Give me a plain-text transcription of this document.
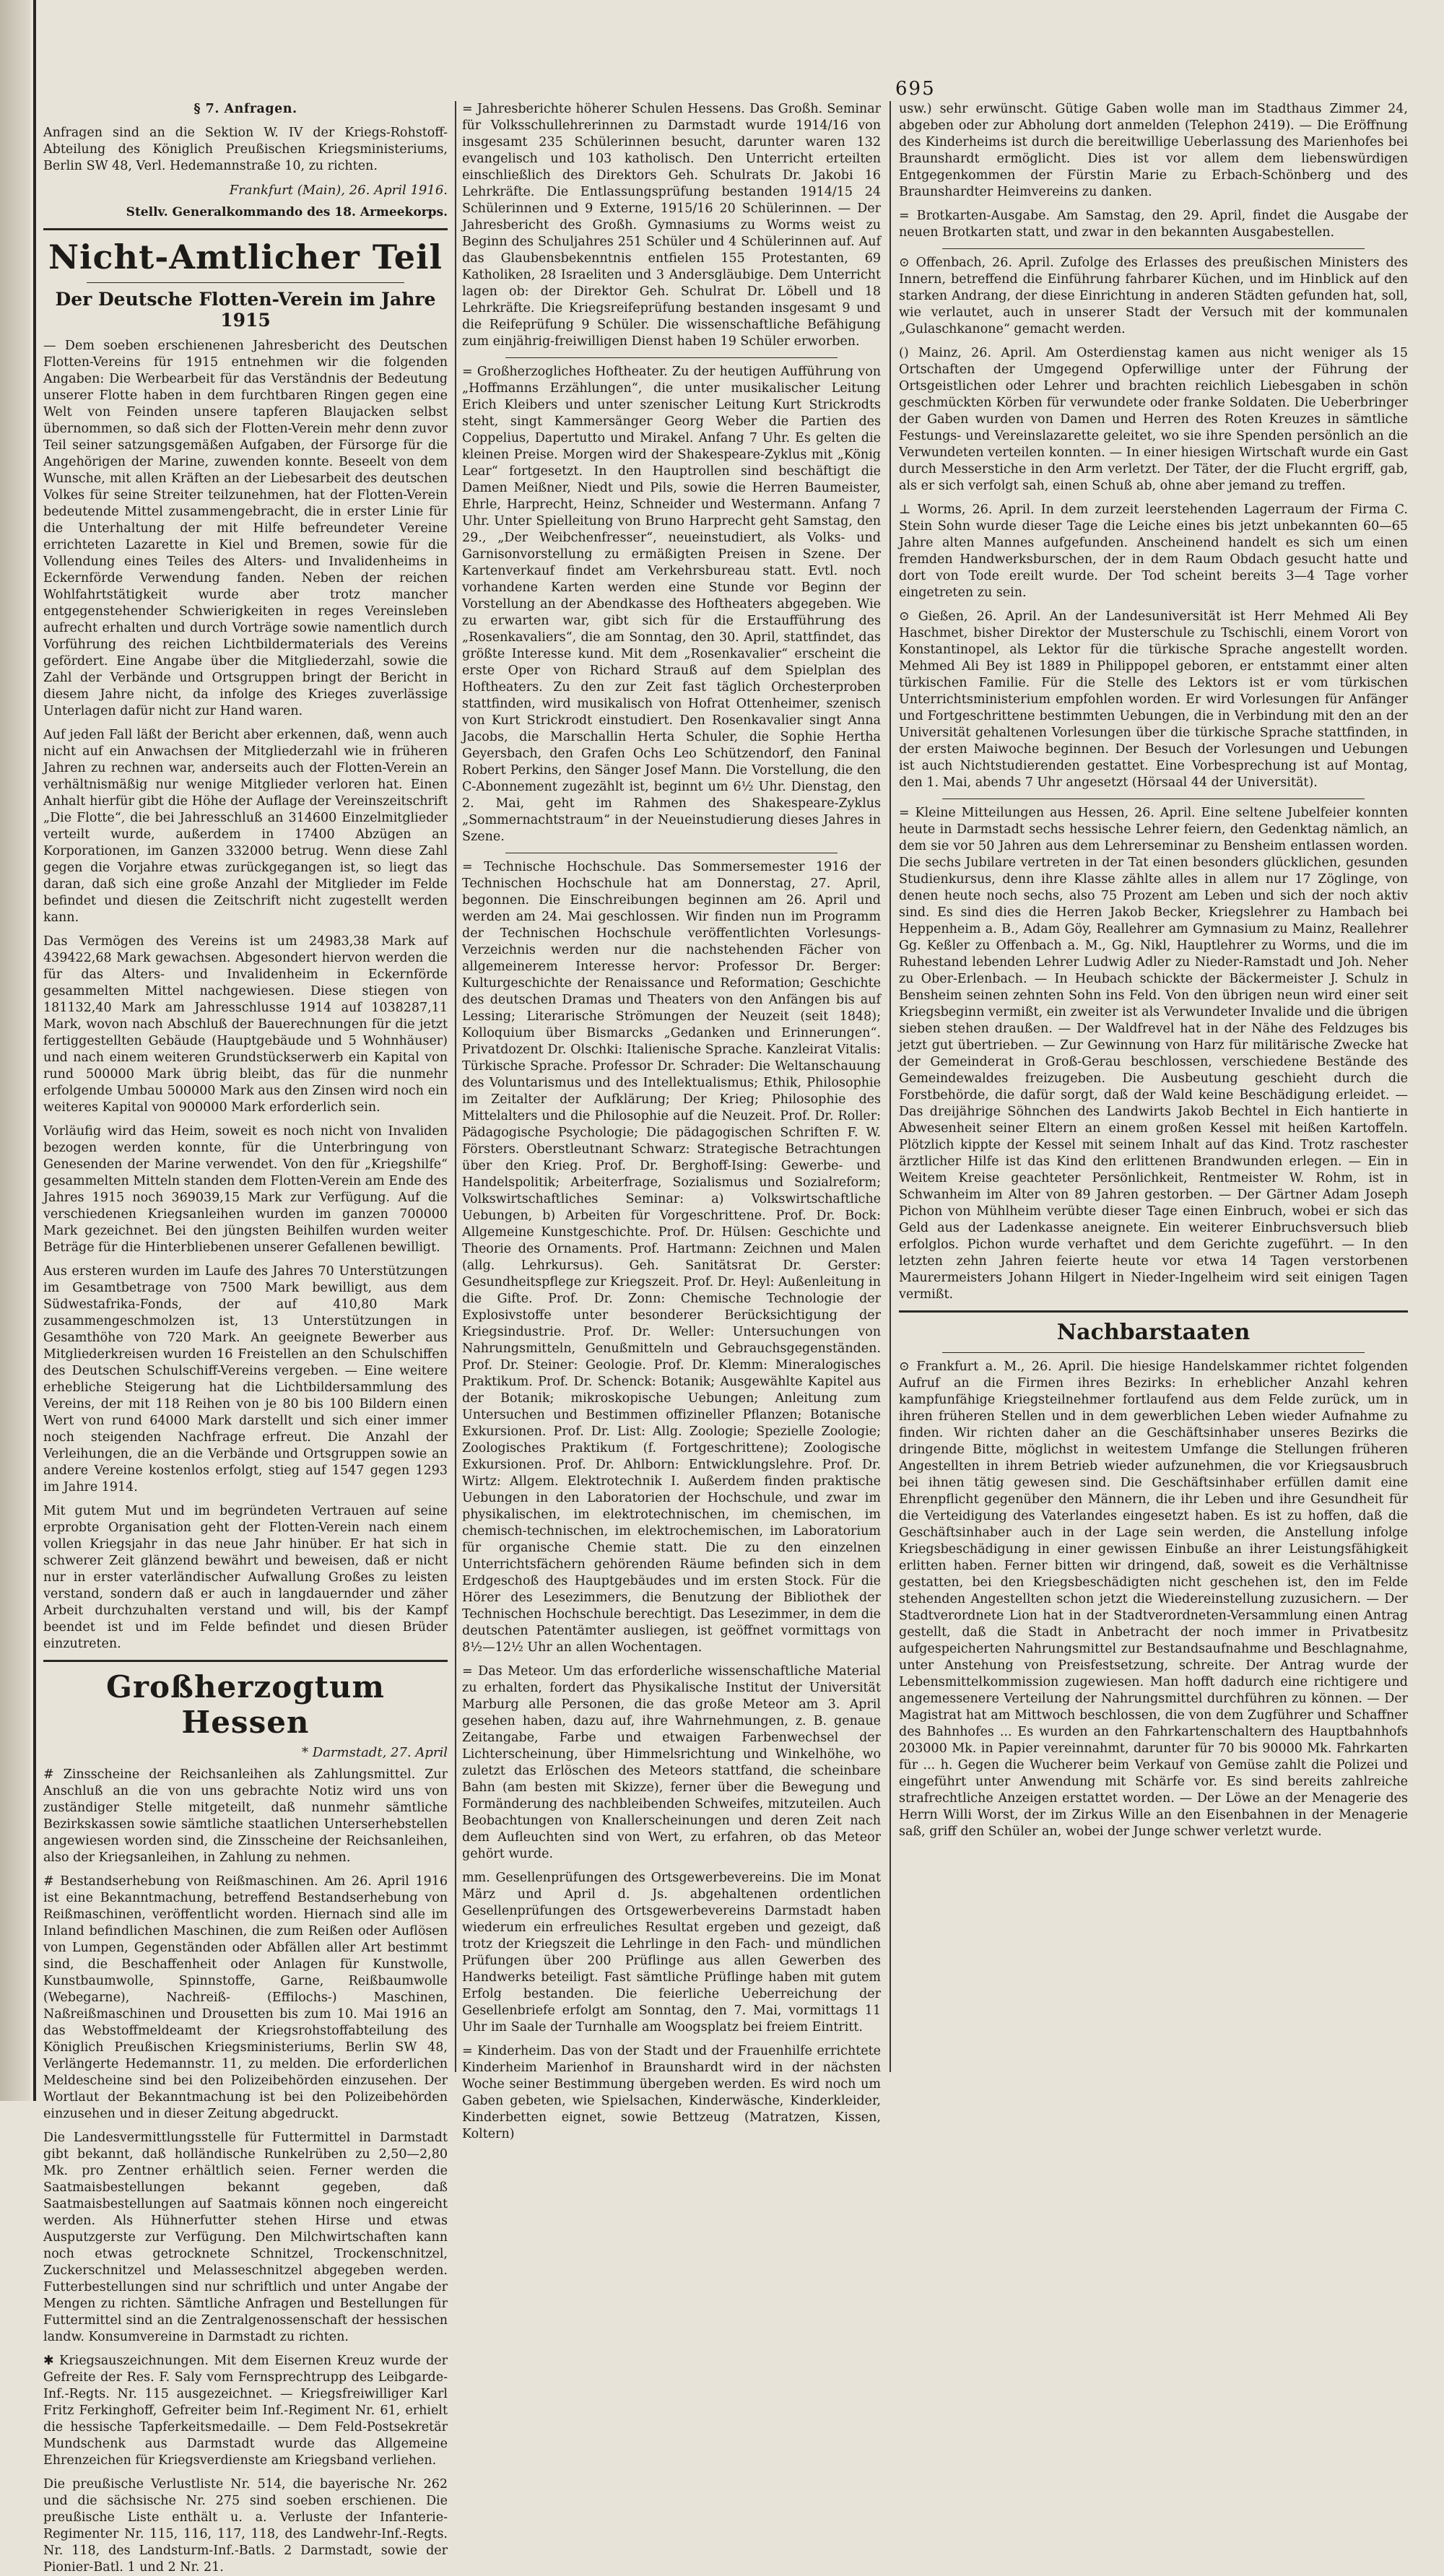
695

§ 7. Anfragen.

Anfragen sind an die Sektion W. IV der Kriegs-Rohstoff-Abteilung des Königlich Preußischen Kriegsministeriums, Berlin SW 48, Verl. Hedemannstraße 10, zu richten.

Frankfurt (Main), 26. April 1916.

Stellv. Generalkommando des 18. Armeekorps.

Nicht-Amtlicher Teil
Der Deutsche Flotten-Verein im Jahre 1915

— Dem soeben erschienenen Jahresbericht des Deutschen Flotten-Vereins für 1915 entnehmen wir die folgenden Angaben: Die Werbearbeit für das Verständnis der Bedeutung unserer Flotte haben in dem furchtbaren Ringen gegen eine Welt von Feinden unsere tapferen Blaujacken selbst übernommen, so daß sich der Flotten-Verein mehr denn zuvor Teil seiner satzungsgemäßen Aufgaben, der Fürsorge für die Angehörigen der Marine, zuwenden konnte. Beseelt von dem Wunsche, mit allen Kräften an der Liebesarbeit des deutschen Volkes für seine Streiter teilzunehmen, hat der Flotten-Verein bedeutende Mittel zusammengebracht, die in erster Linie für die Unterhaltung der mit Hilfe befreundeter Vereine errichteten Lazarette in Kiel und Bremen, sowie für die Vollendung eines Teiles des Alters- und Invalidenheims in Eckernförde Verwendung fanden. Neben der reichen Wohlfahrtstätigkeit wurde aber trotz mancher entgegenstehender Schwierigkeiten in reges Vereinsleben aufrecht erhalten und durch Vorträge sowie namentlich durch Vorführung des reichen Lichtbildermaterials des Vereins gefördert. Eine Angabe über die Mitgliederzahl, sowie die Zahl der Verbände und Ortsgruppen bringt der Bericht in diesem Jahre nicht, da infolge des Krieges zuverlässige Unterlagen dafür nicht zur Hand waren.

Auf jeden Fall läßt der Bericht aber erkennen, daß, wenn auch nicht auf ein Anwachsen der Mitgliederzahl wie in früheren Jahren zu rechnen war, anderseits auch der Flotten-Verein an verhältnismäßig nur wenige Mitglieder verloren hat. Einen Anhalt hierfür gibt die Höhe der Auflage der Vereinszeitschrift „Die Flotte“, die bei Jahresschluß an 314600 Einzelmitglieder verteilt wurde, außerdem in 17400 Abzügen an Korporationen, im Ganzen 332000 betrug. Wenn diese Zahl gegen die Vorjahre etwas zurückgegangen ist, so liegt das daran, daß sich eine große Anzahl der Mitglieder im Felde befindet und diesen die Zeitschrift nicht zugestellt werden kann.

Das Vermögen des Vereins ist um 24983,38 Mark auf 439422,68 Mark gewachsen. Abgesondert hiervon werden die für das Alters- und Invalidenheim in Eckernförde gesammelten Mittel nachgewiesen. Diese stiegen von 181132,40 Mark am Jahresschlusse 1914 auf 1038287,11 Mark, wovon nach Abschluß der Bauerechnungen für die jetzt fertiggestellten Gebäude (Hauptgebäude und 5 Wohnhäuser) und nach einem weiteren Grundstückserwerb ein Kapital von rund 500000 Mark übrig bleibt, das für die nunmehr erfolgende Umbau 500000 Mark aus den Zinsen wird noch ein weiteres Kapital von 900000 Mark erforderlich sein.

Vorläufig wird das Heim, soweit es noch nicht von Invaliden bezogen werden konnte, für die Unterbringung von Genesenden der Marine verwendet. Von den für „Kriegshilfe“ gesammelten Mitteln standen dem Flotten-Verein am Ende des Jahres 1915 noch 369039,15 Mark zur Verfügung. Auf die verschiedenen Kriegsanleihen wurden im ganzen 700000 Mark gezeichnet. Bei den jüngsten Beihilfen wurden weiter Beträge für die Hinterbliebenen unserer Gefallenen bewilligt.

Aus ersteren wurden im Laufe des Jahres 70 Unterstützungen im Gesamtbetrage von 7500 Mark bewilligt, aus dem Südwestafrika-Fonds, der auf 410,80 Mark zusammengeschmolzen ist, 13 Unterstützungen in Gesamthöhe von 720 Mark. An geeignete Bewerber aus Mitgliederkreisen wurden 16 Freistellen an den Schulschiffen des Deutschen Schulschiff-Vereins vergeben. — Eine weitere erhebliche Steigerung hat die Lichtbildersammlung des Vereins, der mit 118 Reihen von je 80 bis 100 Bildern einen Wert von rund 64000 Mark darstellt und sich einer immer noch steigenden Nachfrage erfreut. Die Anzahl der Verleihungen, die an die Verbände und Ortsgruppen sowie an andere Vereine kostenlos erfolgt, stieg auf 1547 gegen 1293 im Jahre 1914.

Mit gutem Mut und im begründeten Vertrauen auf seine erprobte Organisation geht der Flotten-Verein nach einem vollen Kriegsjahr in das neue Jahr hinüber. Er hat sich in schwerer Zeit glänzend bewährt und beweisen, daß er nicht nur in erster vaterländischer Aufwallung Großes zu leisten verstand, sondern daß er auch in langdauernder und zäher Arbeit durchzuhalten verstand und will, bis der Kampf beendet ist und im Felde befindet und diesen Brüder einzutreten.

Großherzogtum Hessen

* Darmstadt, 27. April

# Zinsscheine der Reichsanleihen als Zahlungsmittel. Zur Anschluß an die von uns gebrachte Notiz wird uns von zuständiger Stelle mitgeteilt, daß nunmehr sämtliche Bezirkskassen sowie sämtliche staatlichen Unterserhebstellen angewiesen worden sind, die Zinsscheine der Reichsanleihen, also der Kriegsanleihen, in Zahlung zu nehmen.

# Bestandserhebung von Reißmaschinen. Am 26. April 1916 ist eine Bekanntmachung, betreffend Bestandserhebung von Reißmaschinen, veröffentlicht worden. Hiernach sind alle im Inland befindlichen Maschinen, die zum Reißen oder Auflösen von Lumpen, Gegenständen oder Abfällen aller Art bestimmt sind, die Beschaffenheit oder Anlagen für Kunstwolle, Kunstbaumwolle, Spinnstoffe, Garne, Reißbaumwolle (Webegarne), Nachreiß- (Effilochs-) Maschinen, Naßreißmaschinen und Drousetten bis zum 10. Mai 1916 an das Webstoffmeldeamt der Kriegsrohstoffabteilung des Königlich Preußischen Kriegsministeriums, Berlin SW 48, Verlängerte Hedemannstr. 11, zu melden. Die erforderlichen Meldescheine sind bei den Polizeibehörden einzusehen. Der Wortlaut der Bekanntmachung ist bei den Polizeibehörden einzusehen und in dieser Zeitung abgedruckt.

Die Landesvermittlungsstelle für Futtermittel in Darmstadt gibt bekannt, daß holländische Runkelrüben zu 2,50—2,80 Mk. pro Zentner erhältlich seien. Ferner werden die Saatmaisbestellungen bekannt gegeben, daß Saatmaisbestellungen auf Saatmais können noch eingereicht werden. Als Hühnerfutter stehen Hirse und etwas Ausputzgerste zur Verfügung. Den Milchwirtschaften kann noch etwas getrocknete Schnitzel, Trockenschnitzel, Zuckerschnitzel und Melasseschnitzel abgegeben werden. Futterbestellungen sind nur schriftlich und unter Angabe der Mengen zu richten. Sämtliche Anfragen und Bestellungen für Futtermittel sind an die Zentralgenossenschaft der hessischen landw. Konsumvereine in Darmstadt zu richten.

✱ Kriegsauszeichnungen. Mit dem Eisernen Kreuz wurde der Gefreite der Res. F. Saly vom Fernsprechtrupp des Leibgarde-Inf.-Regts. Nr. 115 ausgezeichnet. — Kriegsfreiwilliger Karl Fritz Ferkinghoff, Gefreiter beim Inf.-Regiment Nr. 61, erhielt die hessische Tapferkeitsmedaille. — Dem Feld-Postsekretär Mundschenk aus Darmstadt wurde das Allgemeine Ehrenzeichen für Kriegsverdienste am Kriegsband verliehen.

Die preußische Verlustliste Nr. 514, die bayerische Nr. 262 und die sächsische Nr. 275 sind soeben erschienen. Die preußische Liste enthält u. a. Verluste der Infanterie-Regimenter Nr. 115, 116, 117, 118, des Landwehr-Inf.-Regts. Nr. 118, des Landsturm-Inf.-Batls. 2 Darmstadt, sowie der Pionier-Batl. 1 und 2 Nr. 21.

= Jahresberichte höherer Schulen Hessens. Das Großh. Seminar für Volksschullehrerinnen zu Darmstadt wurde 1914/16 von insgesamt 235 Schülerinnen besucht, darunter waren 132 evangelisch und 103 katholisch. Den Unterricht erteilten einschließlich des Direktors Geh. Schulrats Dr. Jakobi 16 Lehrkräfte. Die Entlassungsprüfung bestanden 1914/15 24 Schülerinnen und 9 Externe, 1915/16 20 Schülerinnen. — Der Jahresbericht des Großh. Gymnasiums zu Worms weist zu Beginn des Schuljahres 251 Schüler und 4 Schülerinnen auf. Auf das Glaubensbekenntnis entfielen 155 Protestanten, 69 Katholiken, 28 Israeliten und 3 Andersgläubige. Dem Unterricht lagen ob: der Direktor Geh. Schulrat Dr. Löbell und 18 Lehrkräfte. Die Kriegsreifeprüfung bestanden insgesamt 9 und die Reifeprüfung 9 Schüler. Die wissenschaftliche Befähigung zum einjährig-freiwilligen Dienst haben 19 Schüler erworben.

= Großherzogliches Hoftheater. Zu der heutigen Aufführung von „Hoffmanns Erzählungen“, die unter musikalischer Leitung Erich Kleibers und unter szenischer Leitung Kurt Strickrodts steht, singt Kammersänger Georg Weber die Partien des Coppelius, Dapertutto und Mirakel. Anfang 7 Uhr. Es gelten die kleinen Preise. Morgen wird der Shakespeare-Zyklus mit „König Lear“ fortgesetzt. In den Hauptrollen sind beschäftigt die Damen Meißner, Niedt und Pils, sowie die Herren Baumeister, Ehrle, Harprecht, Heinz, Schneider und Westermann. Anfang 7 Uhr. Unter Spielleitung von Bruno Harprecht geht Samstag, den 29., „Der Weibchenfresser“, neueinstudiert, als Volks- und Garnisonvorstellung zu ermäßigten Preisen in Szene. Der Kartenverkauf findet am Verkehrsbureau statt. Evtl. noch vorhandene Karten werden eine Stunde vor Beginn der Vorstellung an der Abendkasse des Hoftheaters abgegeben. Wie zu erwarten war, gibt sich für die Erstaufführung des „Rosenkavaliers“, die am Sonntag, den 30. April, stattfindet, das größte Interesse kund. Mit dem „Rosenkavalier“ erscheint die erste Oper von Richard Strauß auf dem Spielplan des Hoftheaters. Zu den zur Zeit fast täglich Orchesterproben stattfinden, wird musikalisch von Hofrat Ottenheimer, szenisch von Kurt Strickrodt einstudiert. Den Rosenkavalier singt Anna Jacobs, die Marschallin Herta Schuler, die Sophie Hertha Geyersbach, den Grafen Ochs Leo Schützendorf, den Faninal Robert Perkins, den Sänger Josef Mann. Die Vorstellung, die den C-Abonnement zugezählt ist, beginnt um 6½ Uhr. Dienstag, den 2. Mai, geht im Rahmen des Shakespeare-Zyklus „Sommernachtstraum“ in der Neueinstudierung dieses Jahres in Szene.

= Technische Hochschule. Das Sommersemester 1916 der Technischen Hochschule hat am Donnerstag, 27. April, begonnen. Die Einschreibungen beginnen am 26. April und werden am 24. Mai geschlossen. Wir finden nun im Programm der Technischen Hochschule veröffentlichten Vorlesungs-Verzeichnis werden nur die nachstehenden Fächer von allgemeinerem Interesse hervor: Professor Dr. Berger: Kulturgeschichte der Renaissance und Reformation; Geschichte des deutschen Dramas und Theaters von den Anfängen bis auf Lessing; Literarische Strömungen der Neuzeit (seit 1848); Kolloquium über Bismarcks „Gedanken und Erinnerungen“. Privatdozent Dr. Olschki: Italienische Sprache. Kanzleirat Vitalis: Türkische Sprache. Professor Dr. Schrader: Die Weltanschauung des Voluntarismus und des Intellektualismus; Ethik, Philosophie im Zeitalter der Aufklärung; Der Krieg; Philosophie des Mittelalters und die Philosophie auf die Neuzeit. Prof. Dr. Roller: Pädagogische Psychologie; Die pädagogischen Schriften F. W. Försters. Oberstleutnant Schwarz: Strategische Betrachtungen über den Krieg. Prof. Dr. Berghoff-Ising: Gewerbe- und Handelspolitik; Arbeiterfrage, Sozialismus und Sozialreform; Volkswirtschaftliches Seminar: a) Volkswirtschaftliche Uebungen, b) Arbeiten für Vorgeschrittene. Prof. Dr. Bock: Allgemeine Kunstgeschichte. Prof. Dr. Hülsen: Geschichte und Theorie des Ornaments. Prof. Hartmann: Zeichnen und Malen (allg. Lehrkursus). Geh. Sanitätsrat Dr. Gerster: Gesundheitspflege zur Kriegszeit. Prof. Dr. Heyl: Außenleitung in die Gifte. Prof. Dr. Zonn: Chemische Technologie der Explosivstoffe unter besonderer Berücksichtigung der Kriegsindustrie. Prof. Dr. Weller: Untersuchungen von Nahrungsmitteln, Genußmitteln und Gebrauchsgegenständen. Prof. Dr. Steiner: Geologie. Prof. Dr. Klemm: Mineralogisches Praktikum. Prof. Dr. Schenck: Botanik; Ausgewählte Kapitel aus der Botanik; mikroskopische Uebungen; Anleitung zum Untersuchen und Bestimmen offizineller Pflanzen; Botanische Exkursionen. Prof. Dr. List: Allg. Zoologie; Spezielle Zoologie; Zoologisches Praktikum (f. Fortgeschrittene); Zoologische Exkursionen. Prof. Dr. Ahlborn: Entwicklungslehre. Prof. Dr. Wirtz: Allgem. Elektrotechnik I. Außerdem finden praktische Uebungen in den Laboratorien der Hochschule, und zwar im physikalischen, im elektrotechnischen, im chemischen, im chemisch-technischen, im elektrochemischen, im Laboratorium für organische Chemie statt. Die zu den einzelnen Unterrichtsfächern gehörenden Räume befinden sich in dem Erdgeschoß des Hauptgebäudes und im ersten Stock. Für die Hörer des Lesezimmers, die Benutzung der Bibliothek der Technischen Hochschule berechtigt. Das Lesezimmer, in dem die deutschen Patentämter ausliegen, ist geöffnet vormittags von 8½—12½ Uhr an allen Wochentagen.

= Das Meteor. Um das erforderliche wissenschaftliche Material zu erhalten, fordert das Physikalische Institut der Universität Marburg alle Personen, die das große Meteor am 3. April gesehen haben, dazu auf, ihre Wahrnehmungen, z. B. genaue Zeitangabe, Farbe und etwaigen Farbenwechsel der Lichterscheinung, über Himmelsrichtung und Winkelhöhe, wo zuletzt das Erlöschen des Meteors stattfand, die scheinbare Bahn (am besten mit Skizze), ferner über die Bewegung und Formänderung des nachbleibenden Schweifes, mitzuteilen. Auch Beobachtungen von Knallerscheinungen und deren Zeit nach dem Aufleuchten sind von Wert, zu erfahren, ob das Meteor gehört wurde.

mm. Gesellenprüfungen des Ortsgewerbevereins. Die im Monat März und April d. Js. abgehaltenen ordentlichen Gesellenprüfungen des Ortsgewerbevereins Darmstadt haben wiederum ein erfreuliches Resultat ergeben und gezeigt, daß trotz der Kriegszeit die Lehrlinge in den Fach- und mündlichen Prüfungen über 200 Prüflinge aus allen Gewerben des Handwerks beteiligt. Fast sämtliche Prüflinge haben mit gutem Erfolg bestanden. Die feierliche Ueberreichung der Gesellenbriefe erfolgt am Sonntag, den 7. Mai, vormittags 11 Uhr im Saale der Turnhalle am Woogsplatz bei freiem Eintritt.

= Kinderheim. Das von der Stadt und der Frauenhilfe errichtete Kinderheim Marienhof in Braunshardt wird in der nächsten Woche seiner Bestimmung übergeben werden. Es wird noch um Gaben gebeten, wie Spielsachen, Kinderwäsche, Kinderkleider, Kinderbetten eignet, sowie Bettzeug (Matratzen, Kissen, Koltern)

usw.) sehr erwünscht. Gütige Gaben wolle man im Stadthaus Zimmer 24, abgeben oder zur Abholung dort anmelden (Telephon 2419). — Die Eröffnung des Kinderheims ist durch die bereitwillige Ueberlassung des Marienhofes bei Braunshardt ermöglicht. Dies ist vor allem dem liebenswürdigen Entgegenkommen der Fürstin Marie zu Erbach-Schönberg und des Braunshardter Heimvereins zu danken.

= Brotkarten-Ausgabe. Am Samstag, den 29. April, findet die Ausgabe der neuen Brotkarten statt, und zwar in den bekannten Ausgabestellen.

⊙ Offenbach, 26. April. Zufolge des Erlasses des preußischen Ministers des Innern, betreffend die Einführung fahrbarer Küchen, und im Hinblick auf den starken Andrang, der diese Einrichtung in anderen Städten gefunden hat, soll, wie verlautet, auch in unserer Stadt der Versuch mit der kommunalen „Gulaschkanone“ gemacht werden.

() Mainz, 26. April. Am Osterdienstag kamen aus nicht weniger als 15 Ortschaften der Umgegend Opferwillige unter der Führung der Ortsgeistlichen oder Lehrer und brachten reichlich Liebesgaben in schön geschmückten Körben für verwundete oder franke Soldaten. Die Ueberbringer der Gaben wurden von Damen und Herren des Roten Kreuzes in sämtliche Festungs- und Vereinslazarette geleitet, wo sie ihre Spenden persönlich an die Verwundeten verteilen konnten. — In einer hiesigen Wirtschaft wurde ein Gast durch Messerstiche in den Arm verletzt. Der Täter, der die Flucht ergriff, gab, als er sich verfolgt sah, einen Schuß ab, ohne aber jemand zu treffen.

⊥ Worms, 26. April. In dem zurzeit leerstehenden Lagerraum der Firma C. Stein Sohn wurde dieser Tage die Leiche eines bis jetzt unbekannten 60—65 Jahre alten Mannes aufgefunden. Anscheinend handelt es sich um einen fremden Handwerksburschen, der in dem Raum Obdach gesucht hatte und dort von Tode ereilt wurde. Der Tod scheint bereits 3—4 Tage vorher eingetreten zu sein.

⊙ Gießen, 26. April. An der Landesuniversität ist Herr Mehmed Ali Bey Haschmet, bisher Direktor der Musterschule zu Tschischli, einem Vorort von Konstantinopel, als Lektor für die türkische Sprache angestellt worden. Mehmed Ali Bey ist 1889 in Philippopel geboren, er entstammt einer alten türkischen Familie. Für die Stelle des Lektors ist er vom türkischen Unterrichtsministerium empfohlen worden. Er wird Vorlesungen für Anfänger und Fortgeschrittene bestimmten Uebungen, die in Verbindung mit den an der Universität gehaltenen Vorlesungen über die türkische Sprache stattfinden, in der ersten Maiwoche beginnen. Der Besuch der Vorlesungen und Uebungen ist auch Nichtstudierenden gestattet. Eine Vorbesprechung ist auf Montag, den 1. Mai, abends 7 Uhr angesetzt (Hörsaal 44 der Universität).

= Kleine Mitteilungen aus Hessen, 26. April. Eine seltene Jubelfeier konnten heute in Darmstadt sechs hessische Lehrer feiern, den Gedenktag nämlich, an dem sie vor 50 Jahren aus dem Lehrerseminar zu Bensheim entlassen worden. Die sechs Jubilare vertreten in der Tat einen besonders glücklichen, gesunden Studienkursus, denn ihre Klasse zählte alles in allem nur 17 Zöglinge, von denen heute noch sechs, also 75 Prozent am Leben und sich der noch aktiv sind. Es sind dies die Herren Jakob Becker, Kriegslehrer zu Hambach bei Heppenheim a. B., Adam Göy, Reallehrer am Gymnasium zu Mainz, Reallehrer Gg. Keßler zu Offenbach a. M., Gg. Nikl, Hauptlehrer zu Worms, und die im Ruhestand lebenden Lehrer Ludwig Adler zu Nieder-Ramstadt und Joh. Neher zu Ober-Erlenbach. — In Heubach schickte der Bäckermeister J. Schulz in Bensheim seinen zehnten Sohn ins Feld. Von den übrigen neun wird einer seit Kriegsbeginn vermißt, ein zweiter ist als Verwundeter Invalide und die übrigen sieben stehen draußen. — Der Waldfrevel hat in der Nähe des Feldzuges bis jetzt gut übertrieben. — Zur Gewinnung von Harz für militärische Zwecke hat der Gemeinderat in Groß-Gerau beschlossen, verschiedene Bestände des Gemeindewaldes freizugeben. Die Ausbeutung geschieht durch die Forstbehörde, die dafür sorgt, daß der Wald keine Beschädigung erleidet. — Das dreijährige Söhnchen des Landwirts Jakob Bechtel in Eich hantierte in Abwesenheit seiner Eltern an einem großen Kessel mit heißen Kartoffeln. Plötzlich kippte der Kessel mit seinem Inhalt auf das Kind. Trotz raschester ärztlicher Hilfe ist das Kind den erlittenen Brandwunden erlegen. — Ein in Weitem Kreise geachteter Persönlichkeit, Rentmeister W. Rohm, ist in Schwanheim im Alter von 89 Jahren gestorben. — Der Gärtner Adam Joseph Pichon von Mühlheim verübte dieser Tage einen Einbruch, wobei er sich das Geld aus der Ladenkasse aneignete. Ein weiterer Einbruchsversuch blieb erfolglos. Pichon wurde verhaftet und dem Gerichte zugeführt. — In den letzten zehn Jahren feierte heute vor etwa 14 Tagen verstorbenen Maurermeisters Johann Hilgert in Nieder-Ingelheim wird seit einigen Tagen vermißt.

Nachbarstaaten

⊙ Frankfurt a. M., 26. April. Die hiesige Handelskammer richtet folgenden Aufruf an die Firmen ihres Bezirks: In erheblicher Anzahl kehren kampfunfähige Kriegsteilnehmer fortlaufend aus dem Felde zurück, um in ihren früheren Stellen und in dem gewerblichen Leben wieder Aufnahme zu finden. Wir richten daher an die Geschäftsinhaber unseres Bezirks die dringende Bitte, möglichst in weitestem Umfange die Stellungen früheren Angestellten in ihrem Betrieb wieder aufzunehmen, die vor Kriegsausbruch bei ihnen tätig gewesen sind. Die Geschäftsinhaber erfüllen damit eine Ehrenpflicht gegenüber den Männern, die ihr Leben und ihre Gesundheit für die Verteidigung des Vaterlandes eingesetzt haben. Es ist zu hoffen, daß die Geschäftsinhaber auch in der Lage sein werden, die Anstellung infolge Kriegsbeschädigung in einer gewissen Einbuße an ihrer Leistungsfähigkeit erlitten haben. Ferner bitten wir dringend, daß, soweit es die Verhältnisse gestatten, bei den Kriegsbeschädigten nicht geschehen ist, den im Felde stehenden Angestellten schon jetzt die Wiedereinstellung zuzusichern. — Der Stadtverordnete Lion hat in der Stadtverordneten-Versammlung einen Antrag gestellt, daß die Stadt in Anbetracht der noch immer in Privatbesitz aufgespeicherten Nahrungsmittel zur Bestandsaufnahme und Beschlagnahme, unter Anstehung von Preisfestsetzung, schreite. Der Antrag wurde der Lebensmittelkommission zugewiesen. Man hofft dadurch eine richtigere und angemessenere Verteilung der Nahrungsmittel durchführen zu können. — Der Magistrat hat am Mittwoch beschlossen, die von dem Zugführer und Schaffner des Bahnhofes ... Es wurden an den Fahrkartenschaltern des Hauptbahnhofs 203000 Mk. in Papier vereinnahmt, darunter für 70 bis 90000 Mk. Fahrkarten für ... h. Gegen die Wucherer beim Verkauf von Gemüse zahlt die Polizei und eingeführt unter Anwendung mit Schärfe vor. Es sind bereits zahlreiche strafrechtliche Anzeigen erstattet worden. — Der Löwe an der Menagerie des Herrn Willi Worst, der im Zirkus Wille an den Eisenbahnen in der Menagerie saß, griff den Schüler an, wobei der Junge schwer verletzt wurde.
